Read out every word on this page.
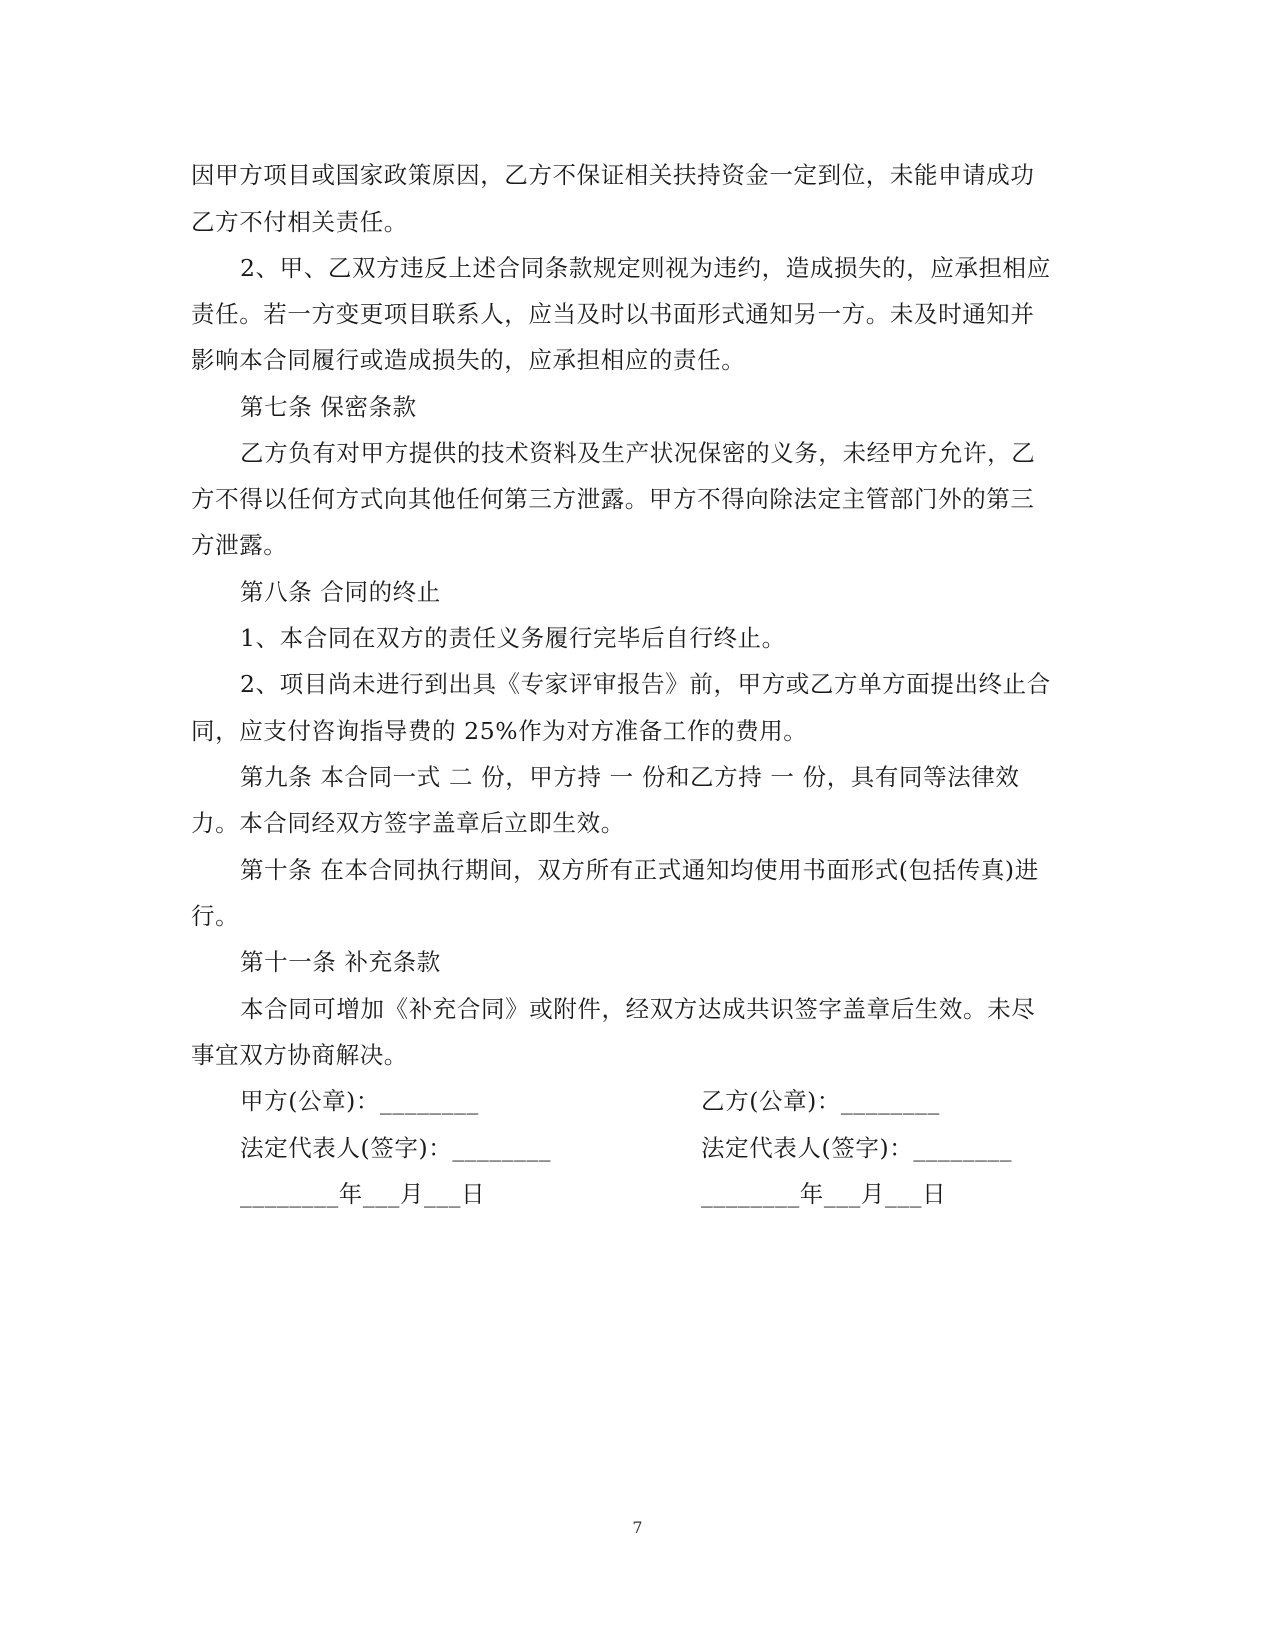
因甲方项目或国家政策原因，乙方不保证相关扶持资金一定到位，未能申请成功
乙方不付相关责任。
2、甲、乙双方违反上述合同条款规定则视为违约，造成损失的，应承担相应
责任。若一方变更项目联系人，应当及时以书面形式通知另一方。未及时通知并
影响本合同履行或造成损失的，应承担相应的责任。
第七条 保密条款
乙方负有对甲方提供的技术资料及生产状况保密的义务，未经甲方允许，乙
方不得以任何方式向其他任何第三方泄露。甲方不得向除法定主管部门外的第三
方泄露。
第八条 合同的终止
1、本合同在双方的责任义务履行完毕后自行终止。
2、项目尚未进行到出具《专家评审报告》前，甲方或乙方单方面提出终止合
同，应支付咨询指导费的 25%作为对方准备工作的费用。
第九条 本合同一式 二 份，甲方持 一 份和乙方持 一 份，具有同等法律效
力。本合同经双方签字盖章后立即生效。
第十条 在本合同执行期间，双方所有正式通知均使用书面形式(包括传真)进
行。
第十一条 补充条款
本合同可增加《补充合同》或附件，经双方达成共识签字盖章后生效。未尽
事宜双方协商解决。
甲方(公章)：________	乙方(公章)：________
法定代表人(签字)：________	法定代表人(签字)：________
________年___月___日	________年___月___日
7
